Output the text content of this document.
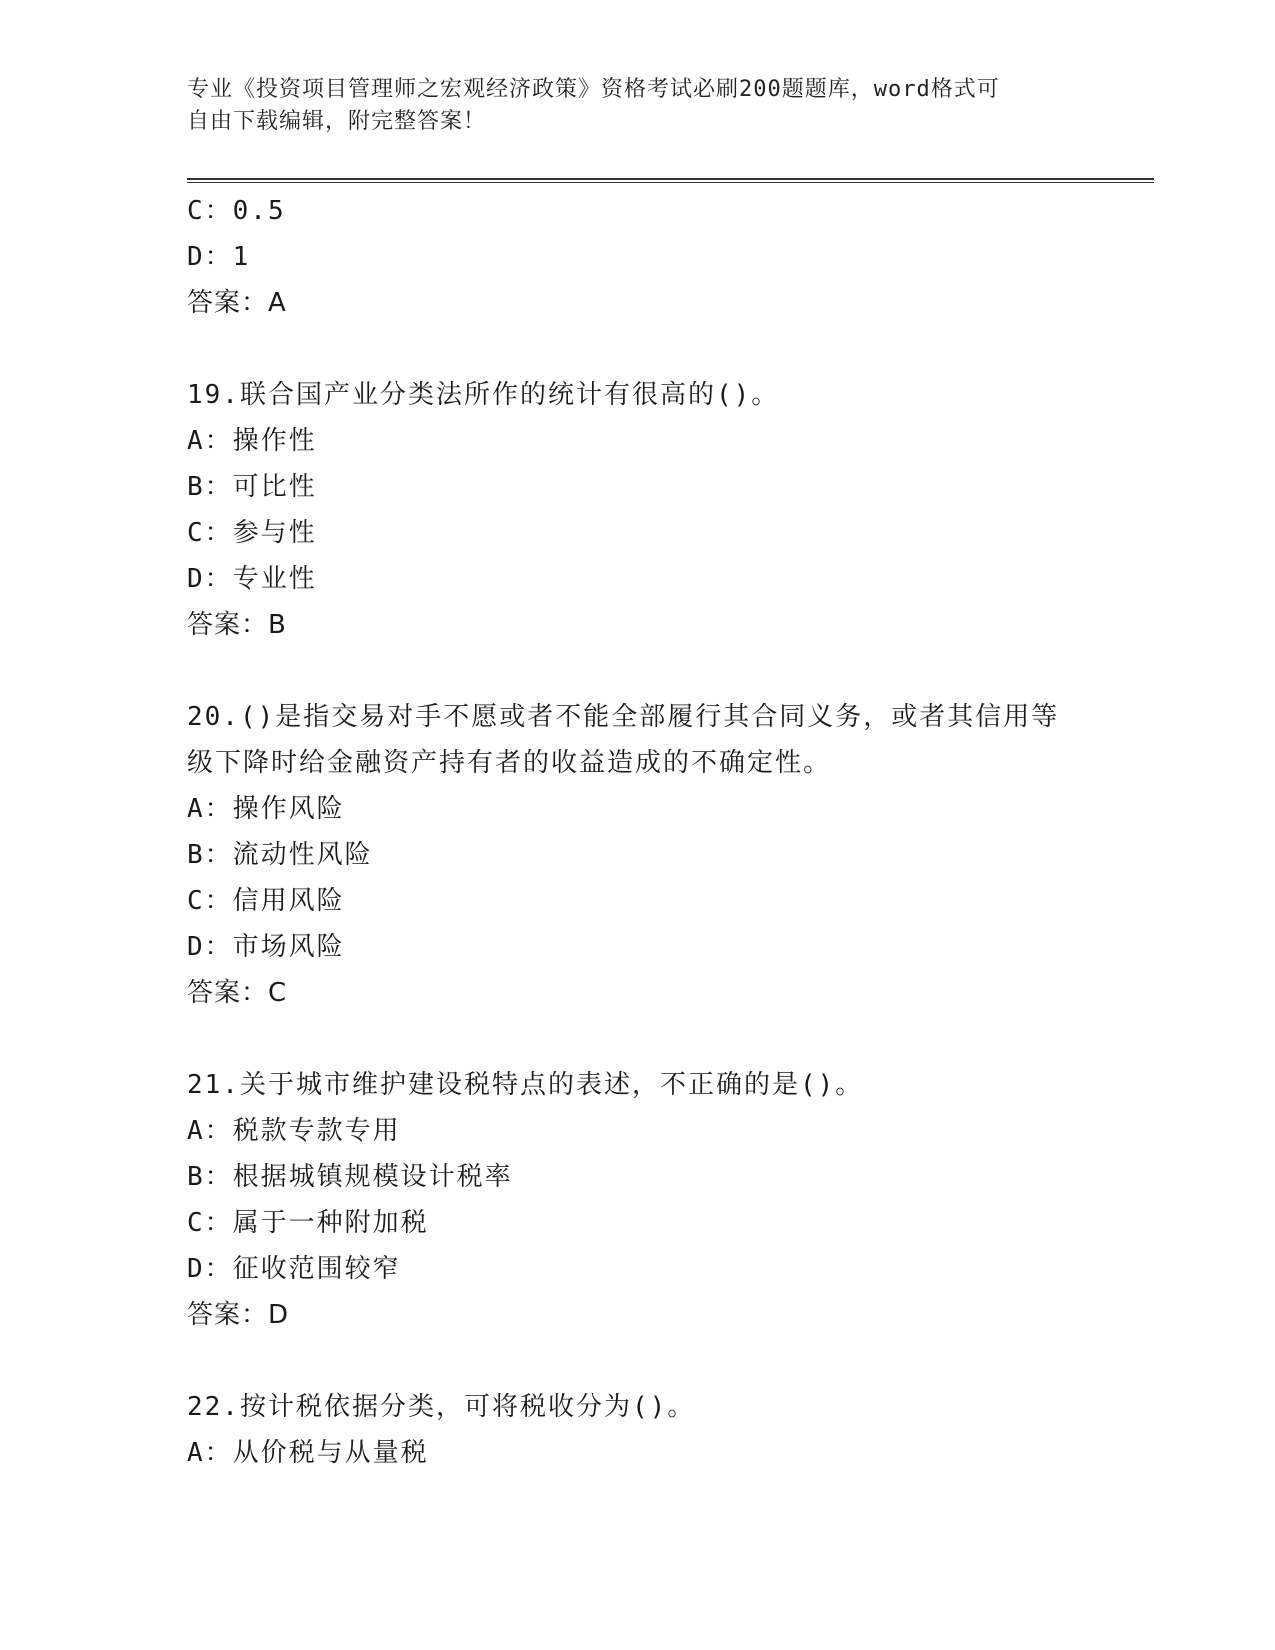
专业《投资项目管理师之宏观经济政策》资格考试必刷200题题库，word格式可
自由下载编辑，附完整答案！
C：0.5
D：1
答案：A
19.联合国产业分类法所作的统计有很高的()。
A：操作性
B：可比性
C：参与性
D：专业性
答案：B
20.()是指交易对手不愿或者不能全部履行其合同义务，或者其信用等
级下降时给金融资产持有者的收益造成的不确定性。
A：操作风险
B：流动性风险
C：信用风险
D：市场风险
答案：C
21.关于城市维护建设税特点的表述，不正确的是()。
A：税款专款专用
B：根据城镇规模设计税率
C：属于一种附加税
D：征收范围较窄
答案：D
22.按计税依据分类，可将税收分为()。
A：从价税与从量税
